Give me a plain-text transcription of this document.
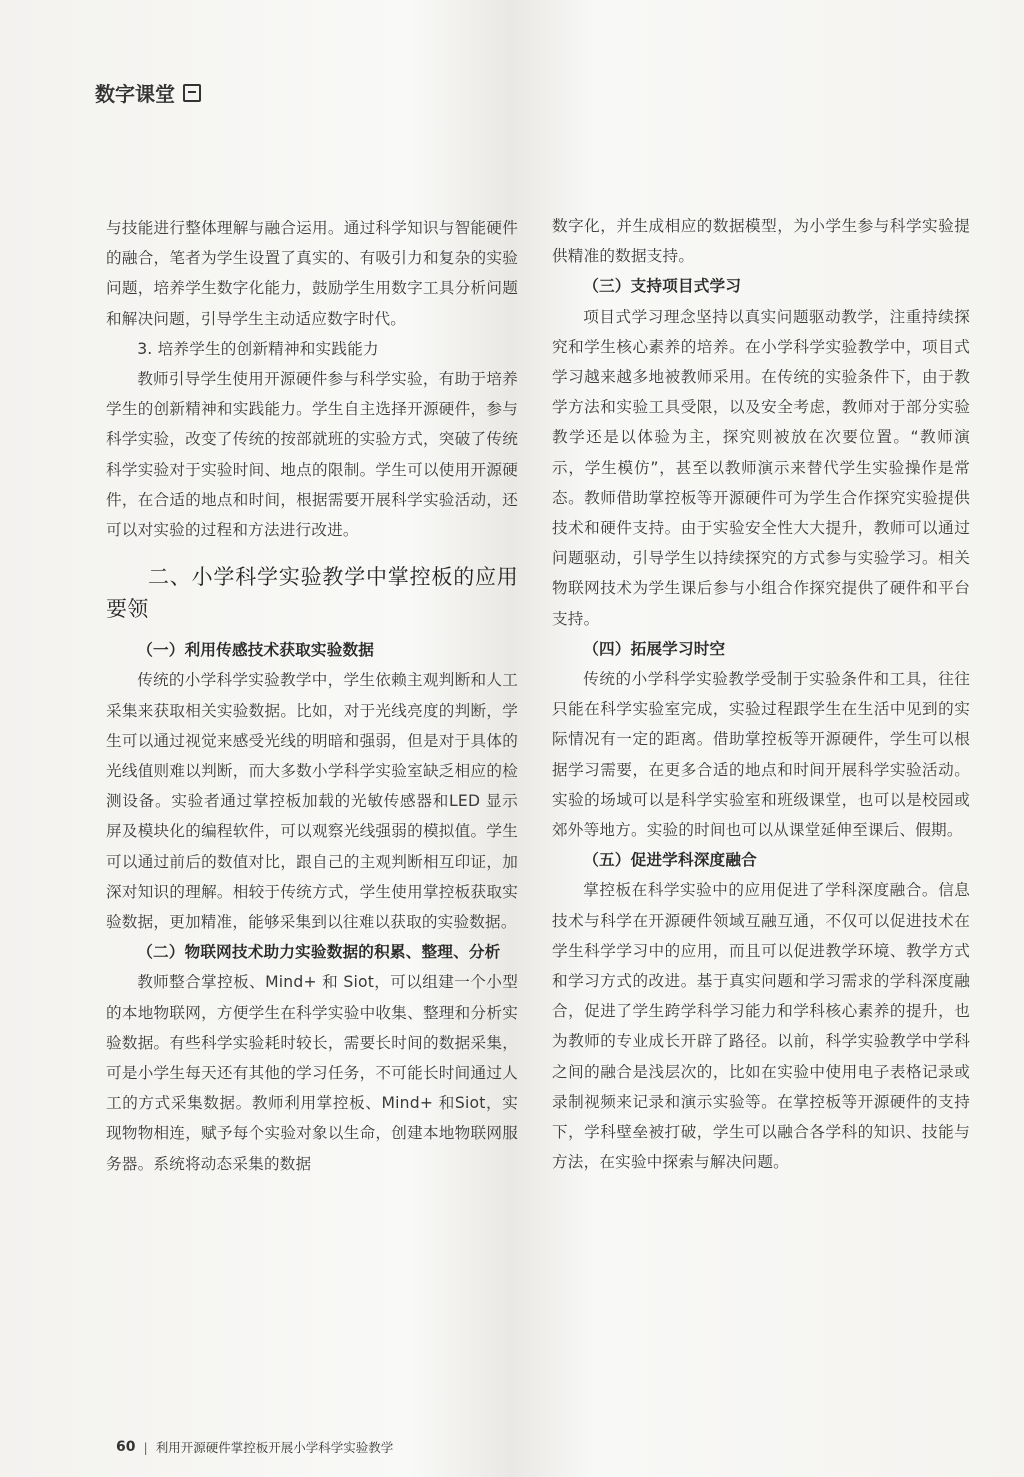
数字课堂

与技能进行整体理解与融合运用。通过科学知识与智能硬件的融合，笔者为学生设置了真实的、有吸引力和复杂的实验问题，培养学生数字化能力，鼓励学生用数字工具分析问题和解决问题，引导学生主动适应数字时代。

3. 培养学生的创新精神和实践能力

教师引导学生使用开源硬件参与科学实验，有助于培养学生的创新精神和实践能力。学生自主选择开源硬件，参与科学实验，改变了传统的按部就班的实验方式，突破了传统科学实验对于实验时间、地点的限制。学生可以使用开源硬件，在合适的地点和时间，根据需要开展科学实验活动，还可以对实验的过程和方法进行改进。

二、小学科学实验教学中掌控板的应用要领

（一）利用传感技术获取实验数据

传统的小学科学实验教学中，学生依赖主观判断和人工采集来获取相关实验数据。比如，对于光线亮度的判断，学生可以通过视觉来感受光线的明暗和强弱，但是对于具体的光线值则难以判断，而大多数小学科学实验室缺乏相应的检测设备。实验者通过掌控板加载的光敏传感器和LED 显示屏及模块化的编程软件，可以观察光线强弱的模拟值。学生可以通过前后的数值对比，跟自己的主观判断相互印证，加深对知识的理解。相较于传统方式，学生使用掌控板获取实验数据，更加精准，能够采集到以往难以获取的实验数据。

（二）物联网技术助力实验数据的积累、整理、分析

教师整合掌控板、Mind+ 和 Siot，可以组建一个小型的本地物联网，方便学生在科学实验中收集、整理和分析实验数据。有些科学实验耗时较长，需要长时间的数据采集，可是小学生每天还有其他的学习任务，不可能长时间通过人工的方式采集数据。教师利用掌控板、Mind+ 和Siot，实现物物相连，赋予每个实验对象以生命，创建本地物联网服务器。系统将动态采集的数据

数字化，并生成相应的数据模型，为小学生参与科学实验提供精准的数据支持。

（三）支持项目式学习

项目式学习理念坚持以真实问题驱动教学，注重持续探究和学生核心素养的培养。在小学科学实验教学中，项目式学习越来越多地被教师采用。在传统的实验条件下，由于教学方法和实验工具受限，以及安全考虑，教师对于部分实验教学还是以体验为主，探究则被放在次要位置。“教师演示，学生模仿”，甚至以教师演示来替代学生实验操作是常态。教师借助掌控板等开源硬件可为学生合作探究实验提供技术和硬件支持。由于实验安全性大大提升，教师可以通过问题驱动，引导学生以持续探究的方式参与实验学习。相关物联网技术为学生课后参与小组合作探究提供了硬件和平台支持。

（四）拓展学习时空

传统的小学科学实验教学受制于实验条件和工具，往往只能在科学实验室完成，实验过程跟学生在生活中见到的实际情况有一定的距离。借助掌控板等开源硬件，学生可以根据学习需要，在更多合适的地点和时间开展科学实验活动。实验的场域可以是科学实验室和班级课堂，也可以是校园或郊外等地方。实验的时间也可以从课堂延伸至课后、假期。

（五）促进学科深度融合

掌控板在科学实验中的应用促进了学科深度融合。信息技术与科学在开源硬件领域互融互通，不仅可以促进技术在学生科学学习中的应用，而且可以促进教学环境、教学方式和学习方式的改进。基于真实问题和学习需求的学科深度融合，促进了学生跨学科学习能力和学科核心素养的提升，也为教师的专业成长开辟了路径。以前，科学实验教学中学科之间的融合是浅层次的，比如在实验中使用电子表格记录或录制视频来记录和演示实验等。在掌控板等开源硬件的支持下，学科壁垒被打破，学生可以融合各学科的知识、技能与方法，在实验中探索与解决问题。

60 | 利用开源硬件掌控板开展小学科学实验教学
